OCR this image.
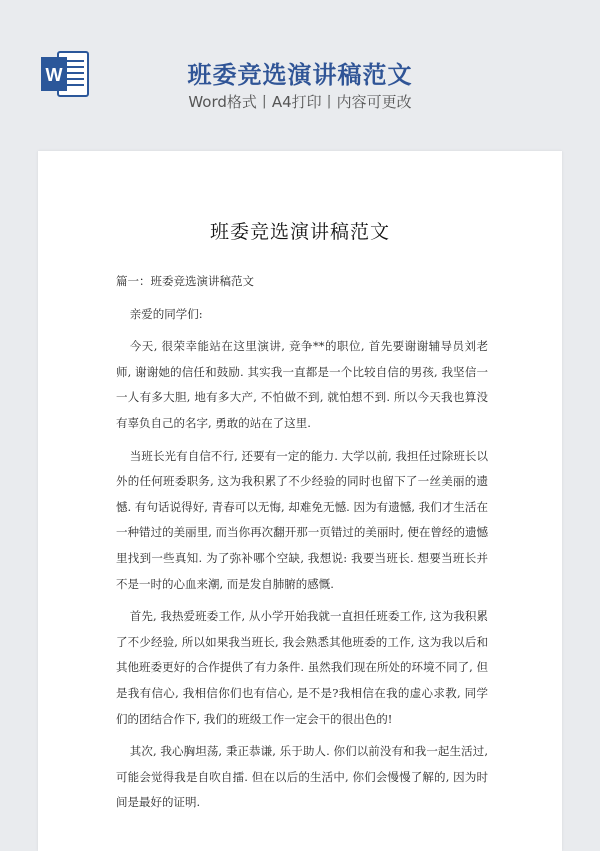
W	班委竞选演讲稿范文
Word格式丨A4打印丨内容可更改
班委竞选演讲稿范文

篇一：班委竞选演讲稿范文

亲爱的同学们:

今天, 很荣幸能站在这里演讲, 竞争**的职位, 首先要谢谢辅导员刘老师, 谢谢她的信任和鼓励. 其实我一直都是一个比较自信的男孩, 我坚信一一人有多大胆, 地有多大产, 不怕做不到, 就怕想不到. 所以今天我也算没有辜负自己的名字, 勇敢的站在了这里.

当班长光有自信不行, 还要有一定的能力. 大学以前, 我担任过除班长以外的任何班委职务, 这为我积累了不少经验的同时也留下了一丝美丽的遗憾. 有句话说得好, 青春可以无悔, 却难免无憾. 因为有遗憾, 我们才生活在一种错过的美丽里, 而当你再次翻开那一页错过的美丽时, 便在曾经的遗憾里找到一些真知. 为了弥补哪个空缺, 我想说: 我要当班长. 想要当班长并不是一时的心血来潮, 而是发自肺腑的感慨.

首先, 我热爱班委工作, 从小学开始我就一直担任班委工作, 这为我积累了不少经验, 所以如果我当班长, 我会熟悉其他班委的工作, 这为我以后和其他班委更好的合作提供了有力条件. 虽然我们现在所处的环境不同了, 但是我有信心, 我相信你们也有信心, 是不是?我相信在我的虚心求教, 同学们的团结合作下, 我们的班级工作一定会干的很出色的!

其次, 我心胸坦荡, 秉正恭谦, 乐于助人. 你们以前没有和我一起生活过, 可能会觉得我是自吹自擂. 但在以后的生活中, 你们会慢慢了解的, 因为时间是最好的证明.
